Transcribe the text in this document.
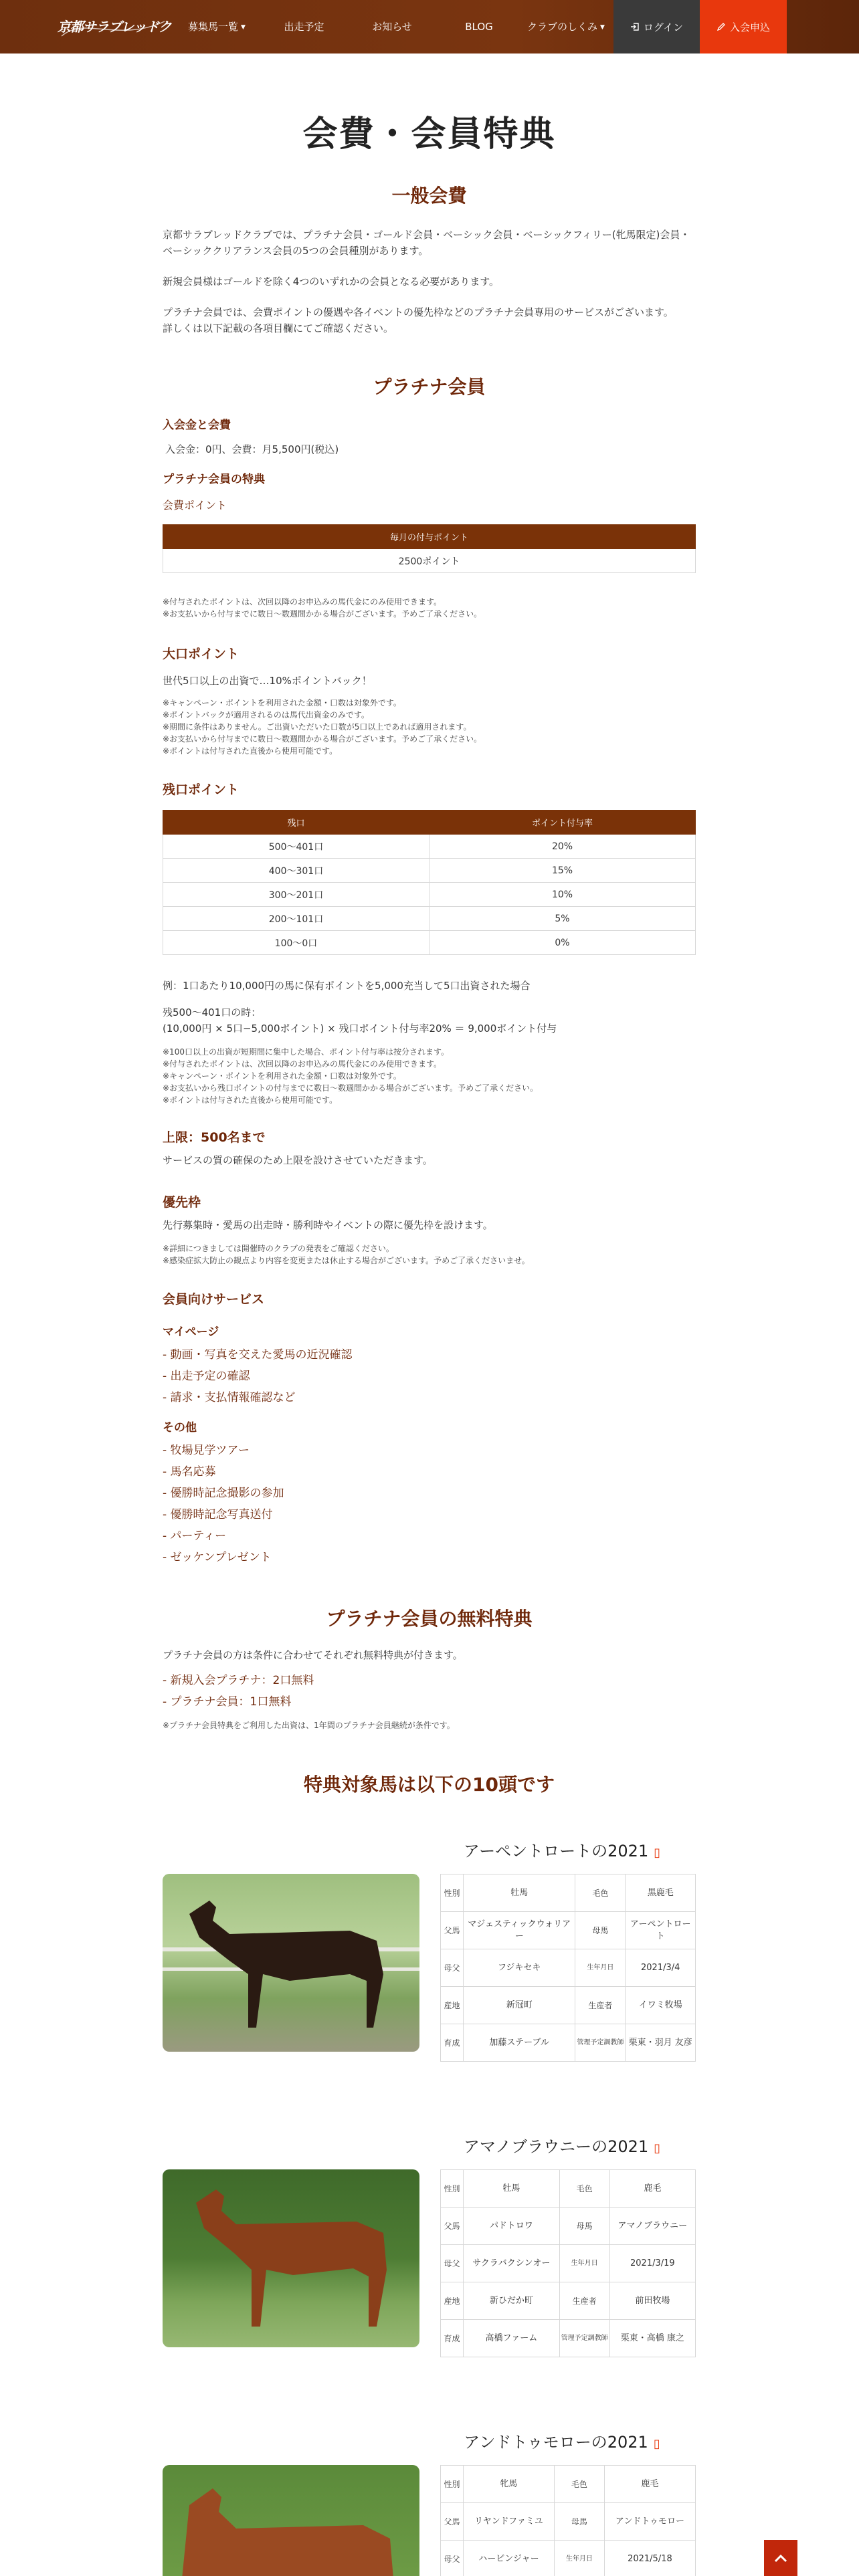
京都サラブレッドクラブ
募集馬一覧 ▼	出走予定	お知らせ	BLOG	クラブのしくみ ▼	ログイン	入会申込
会費・会員特典
一般会費

京都サラブレッドクラブでは、プラチナ会員・ゴールド会員・ベーシック会員・ベーシックフィリー(牝馬限定)会員・ベーシッククリアランス会員の5つの会員種別があります。

新規会員様はゴールドを除く4つのいずれかの会員となる必要があります。

プラチナ会員では、会費ポイントの優遇や各イベントの優先枠などのプラチナ会員専用のサービスがございます。

詳しくは以下記載の各項目欄にてご確認ください。

プラチナ会員
入会金と会費

入会金：0円、会費：月5,500円(税込)

プラチナ会員の特典

会費ポイント

毎月の付与ポイント
2500ポイント

※付与されたポイントは、次回以降のお申込みの馬代金にのみ使用できます。

※お支払いから付与までに数日〜数週間かかる場合がございます。予めご了承ください。

大口ポイント

世代5口以上の出資で…10%ポイントバック！

※キャンペーン・ポイントを利用された金額・口数は対象外です。

※ポイントバックが適用されるのは馬代出資金のみです。

※期間に条件はありません。ご出資いただいた口数が5口以上であれば適用されます。

※お支払いから付与までに数日〜数週間かかる場合がございます。予めご了承ください。

※ポイントは付与された直後から使用可能です。

残口ポイント
残口	ポイント付与率
500〜401口	20%
400〜301口	15%
300〜201口	10%
200〜101口	5%
100〜0口	0%

例：1口あたり10,000円の馬に保有ポイントを5,000充当して5口出資された場合

残500〜401口の時：

(10,000円 × 5口−5,000ポイント) × 残口ポイント付与率20% ＝ 9,000ポイント付与

※100口以上の出資が短期間に集中した場合、ポイント付与率は按分されます。

※付与されたポイントは、次回以降のお申込みの馬代金にのみ使用できます。

※キャンペーン・ポイントを利用された金額・口数は対象外です。

※お支払いから残口ポイントの付与までに数日〜数週間かかる場合がございます。予めご了承ください。

※ポイントは付与された直後から使用可能です。

上限：500名まで

サービスの質の確保のため上限を設けさせていただきます。

優先枠

先行募集時・愛馬の出走時・勝利時やイベントの際に優先枠を設けます。

※詳細につきましては開催時のクラブの発表をご確認ください。

※感染症拡大防止の観点より内容を変更または休止する場合がございます。予めご了承くださいませ。

会員向けサービス
マイページ

- 動画・写真を交えた愛馬の近況確認

- 出走予定の確認

- 請求・支払情報確認など

その他

- 牧場見学ツアー

- 馬名応募

- 優勝時記念撮影の参加

- 優勝時記念写真送付

- パーティー

- ゼッケンプレゼント

プラチナ会員の無料特典

プラチナ会員の方は条件に合わせてそれぞれ無料特典が付きます。

- 新規入会プラチナ：2口無料

- プラチナ会員：1口無料

※プラチナ会員特典をご利用した出資は、1年間のプラチナ会員継続が条件です。

特典対象馬は以下の10頭です
アーペントロートの2021 ▯
性別	牡馬	毛色	黒鹿毛
父馬	マジェスティックウォリアー	母馬	アーペントロート
母父	フジキセキ	生年月日	2021/3/4
産地	新冠町	生産者	イワミ牧場
育成	加藤ステーブル	管理予定調教師	栗東・羽月 友彦
アマノブラウニーの2021 ▯
性別	牡馬	毛色	鹿毛
父馬	パドトロワ	母馬	アマノブラウニー
母父	サクラバクシンオー	生年月日	2021/3/19
産地	新ひだか町	生産者	前田牧場
育成	高橋ファーム	管理予定調教師	栗東・高橋 康之
アンドトゥモローの2021 ▯
性別	牝馬	毛色	鹿毛
父馬	リヤンドファミユ	母馬	アンドトゥモロー
母父	ハービンジャー	生年月日	2021/5/18
